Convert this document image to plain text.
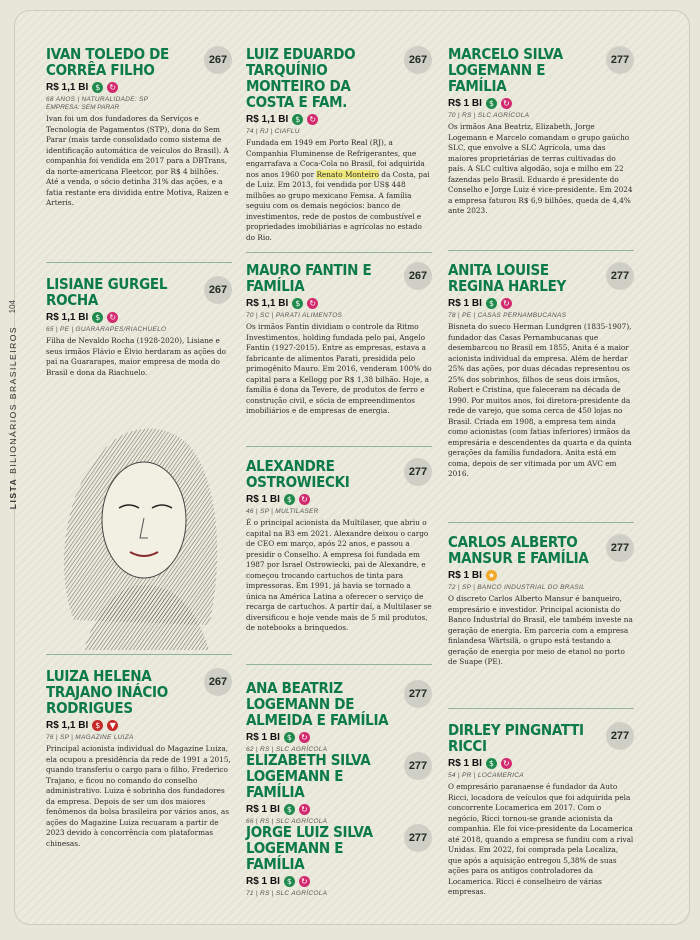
104
LISTA BILIONÁRIOS BRASILEIROS
IVAN TOLEDO DE CORRÊA FILHO
267
R$ 1,1 BI $	↻
68 ANOS | NATURALIDADE: SP
EMPRESA: SEM PARAR
Ivan foi um dos fundadores da Serviços e Tecnologia de Pagamentos (STP), dona do Sem Parar (mais tarde consolidado como sistema de identificação automática de veículos do Brasil). A companhia foi vendida em 2017 para a DBTrans, da norte-americana Fleetcor, por R$ 4 bilhões. Até a venda, o sócio detinha 31% das ações, e a fatia restante era dividida entre Motiva, Raizen e Arteris.
LISIANE GURGEL ROCHA
267
R$ 1,1 BI $	↻
65 | PE | GUARARAPES/RIACHUELO
Filha de Nevaldo Rocha (1928-2020), Lisiane e seus irmãos Flávio e Élvio herdaram as ações do pai na Guararapes, maior empresa de moda do Brasil e dona da Riachuelo.
LUIZA HELENA TRAJANO INÁCIO RODRIGUES
267
R$ 1,1 BI $	▼
76 | SP | MAGAZINE LUIZA
Principal acionista individual do Magazine Luiza, ela ocupou a presidência da rede de 1991 a 2015, quando transferiu o cargo para o filho, Frederico Trajano, e ficou no comando do conselho administrativo. Luiza é sobrinha dos fundadores da empresa. Depois de ser um dos maiores fenômenos da bolsa brasileira por vários anos, as ações do Magazine Luiza recuaram a partir de 2023 devido à concorrência com plataformas chinesas.
LUIZ EDUARDO TARQUÍNIO MONTEIRO DA COSTA E FAM.
267
R$ 1,1 BI $	↻
74 | RJ | CIAFLU
Fundada em 1949 em Porto Real (RJ), a Companhia Fluminense de Refrigerantes, que engarrafava a Coca-Cola no Brasil, foi adquirida nos anos 1960 por Renato Monteiro da Costa, pai de Luiz. Em 2013, foi vendida por US$ 448 milhões ao grupo mexicano Femsa. A família seguiu com os demais negócios: banco de investimentos, rede de postos de combustível e propriedades imobiliárias e agrícolas no estado do Rio.
MAURO FANTIN E FAMÍLIA
267
R$ 1,1 BI $	↻
70 | SC | PARATI ALIMENTOS
Os irmãos Fantin dividiam o controle da Ritmo Investimentos, holding fundada pelo pai, Angelo Fantin (1927-2015). Entre as empresas, estava a fabricante de alimentos Parati, presidida pelo primogênito Mauro. Em 2016, venderam 100% do capital para a Kellogg por R$ 1,38 bilhão. Hoje, a família é dona da Tevere, de produtos de ferro e construção civil, e sócia de empreendimentos imobiliários e de empresas de energia.
ALEXANDRE OSTROWIECKI
277
R$ 1 BI $	↻
46 | SP | MULTILASER
É o principal acionista da Multilaser, que abriu o capital na B3 em 2021. Alexandre deixou o cargo de CEO em março, após 22 anos, e passou a presidir o Conselho. A empresa foi fundada em 1987 por Israel Ostrowiecki, pai de Alexandre, e começou trocando cartuchos de tinta para impressoras. Em 1991, já havia se tornado a única na América Latina a oferecer o serviço de recarga de cartuchos. A partir daí, a Multilaser se diversificou e hoje vende mais de 5 mil produtos, de notebooks a brinquedos.
ANA BEATRIZ LOGEMANN DE ALMEIDA E FAMÍLIA
277
R$ 1 BI $	↻
62 | RS | SLC AGRÍCOLA
ELIZABETH SILVA LOGEMANN E FAMÍLIA
277
R$ 1 BI $	↻
66 | RS | SLC AGRÍCOLA
JORGE LUIZ SILVA LOGEMANN E FAMÍLIA
277
R$ 1 BI $	↻
71 | RS | SLC AGRÍCOLA
MARCELO SILVA LOGEMANN E FAMÍLIA
277
R$ 1 BI $	↻
70 | RS | SLC AGRÍCOLA
Os irmãos Ana Beatriz, Elizabeth, Jorge Logemann e Marcelo comandam o grupo gaúcho SLC, que envolve a SLC Agrícola, uma das maiores proprietárias de terras cultivadas do país. A SLC cultiva algodão, soja e milho em 22 fazendas pelo Brasil. Eduardo é presidente do Conselho e Jorge Luiz é vice-presidente. Em 2024 a empresa faturou R$ 6,9 bilhões, queda de 4,4% ante 2023.
ANITA LOUISE REGINA HARLEY
277
R$ 1 BI $	↻
78 | PE | CASAS PERNAMBUCANAS
Bisneta do sueco Herman Lundgren (1835-1907), fundador das Casas Pernambucanas que desembarcou no Brasil em 1855, Anita é a maior acionista individual da empresa. Além de herdar 25% das ações, por duas décadas representou os 25% dos sobrinhos, filhos de seus dois irmãos, Robert e Cristina, que faleceram na década de 1990. Por muitos anos, foi diretora-presidente da rede de varejo, que soma cerca de 450 lojas no Brasil. Criada em 1908, a empresa tem ainda como acionistas (com fatias inferiores) irmãos da empresária e descendentes da quarta e da quinta gerações da família fundadora. Anita está em coma, depois de ser vitimada por um AVC em 2016.
CARLOS ALBERTO MANSUR E FAMÍLIA
277
R$ 1 BI ★
72 | SP | BANCO INDUSTRIAL DO BRASIL
O discreto Carlos Alberto Mansur é banqueiro, empresário e investidor. Principal acionista do Banco Industrial do Brasil, ele também investe na geração de energia. Em parceria com a empresa finlandesa Wärtsilä, o grupo está testando a geração de energia por meio de etanol no porto de Suape (PE).
DIRLEY PINGNATTI RICCI
277
R$ 1 BI $	↻
54 | PR | LOCAMERICA
O empresário paranaense é fundador da Auto Ricci, locadora de veículos que foi adquirida pela concorrente Locamerica em 2017. Com o negócio, Ricci tornou-se grande acionista da companhia. Ele foi vice-presidente da Locamerica até 2018, quando a empresa se fundiu com a rival Unidas. Em 2022, foi comprada pela Localiza, que após a aquisição entregou 5,38% de suas ações para os antigos controladores da Locamerica. Ricci é conselheiro de várias empresas.
